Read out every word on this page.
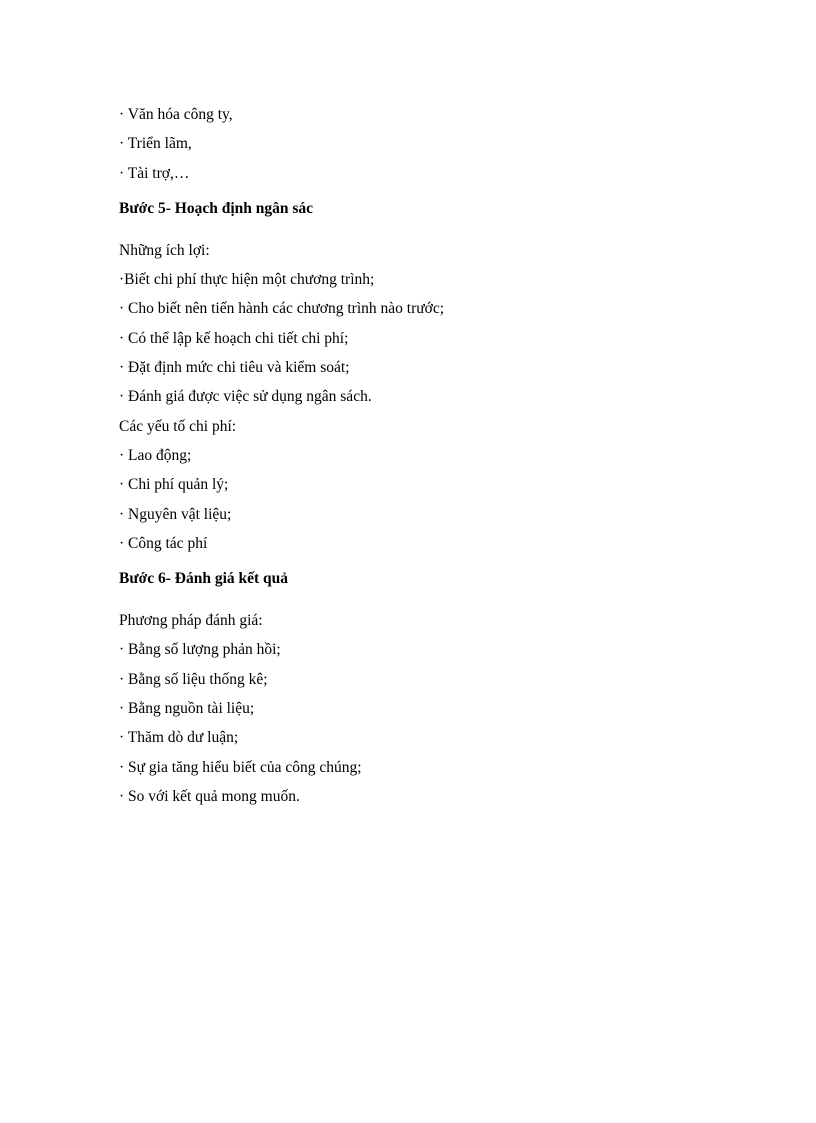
· Văn hóa công ty,
· Triển lãm,
· Tài trợ,…
Bước 5- Hoạch định ngân sác
Những ích lợi:
·Biết chi phí thực hiện một chương trình;
· Cho biết nên tiến hành các chương trình nào trước;
· Có thể lập kế hoạch chi tiết chi phí;
· Đặt định mức chi tiêu và kiểm soát;
· Đánh giá được việc sử dụng ngân sách.
Các yếu tố chi phí:
· Lao động;
· Chi phí quản lý;
· Nguyên vật liệu;
· Công tác phí
Bước 6- Đánh giá kết quả
Phương pháp đánh giá:
· Bằng số lượng phản hồi;
· Bằng số liệu thống kê;
· Bằng nguồn tài liệu;
· Thăm dò dư luận;
· Sự gia tăng hiểu biết của công chúng;
· So với kết quả mong muốn.
